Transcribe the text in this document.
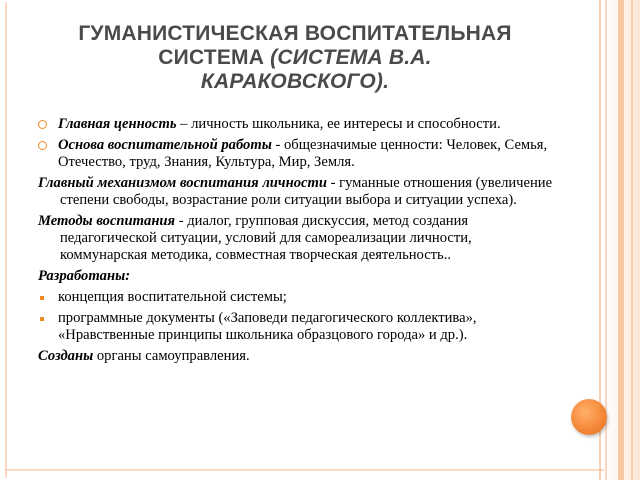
ГУМАНИСТИЧЕСКАЯ ВОСПИТАТЕЛЬНАЯ
СИСТЕМА (СИСТЕМА В.А.
КАРАКОВСКОГО).
Главная ценность – личность школьника, ее интересы и способности.
Основа воспитательной работы - общезначимые ценности: Человек, Семья, Отечество, труд, Знания, Культура, Мир, Земля.
Главный механизмом воспитания личности - гуманные отношения (увеличение степени свободы, возрастание роли ситуации выбора и ситуации успеха).
Методы воспитания - диалог, групповая дискуссия, метод создания педагогической ситуации, условий для самореализации личности, коммунарская методика, совместная творческая деятельность..
Разработаны:
концепция воспитательной системы;
программные документы («Заповеди педагогического коллектива», «Нравственные принципы школьника образцового города» и др.).
Созданы органы самоуправления.
